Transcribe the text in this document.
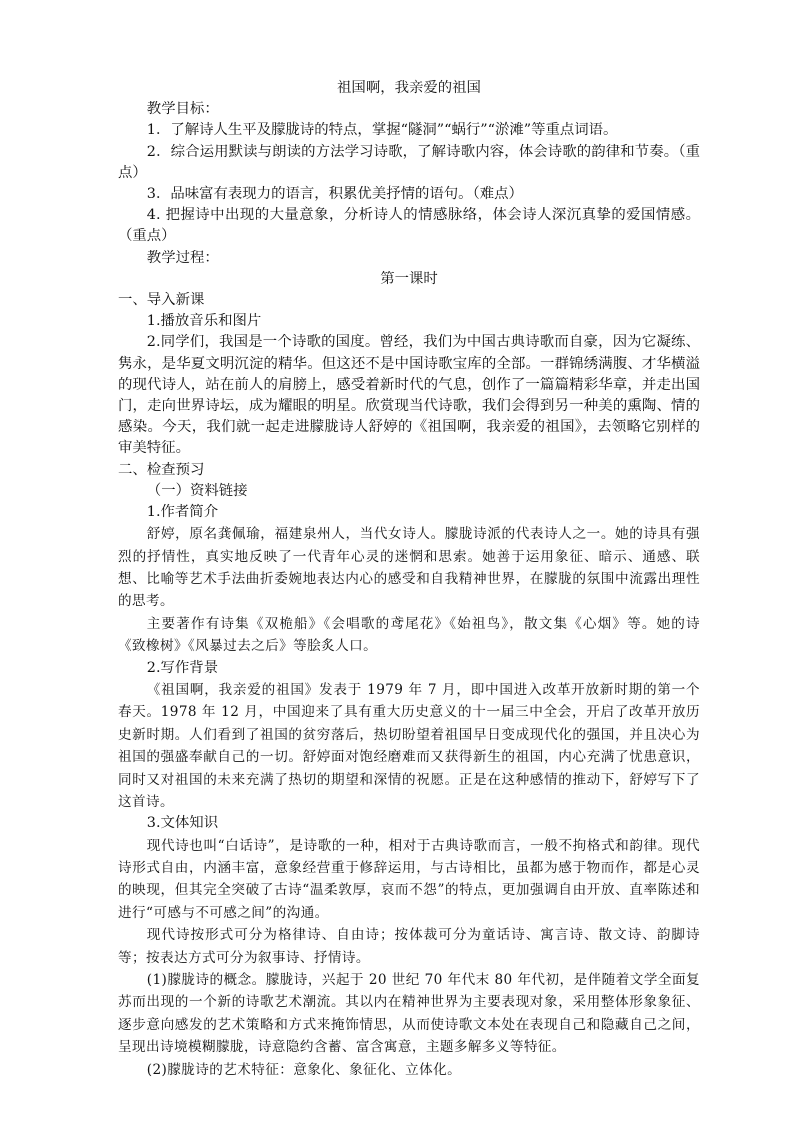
祖国啊，我亲爱的祖国

教学目标：

1．了解诗人生平及朦胧诗的特点，掌握“隧洞”“蜗行”“淤滩”等重点词语。

2．综合运用默读与朗读的方法学习诗歌，了解诗歌内容，体会诗歌的韵律和节奏。（重点）

3．品味富有表现力的语言，积累优美抒情的语句。（难点）

4. 把握诗中出现的大量意象，分析诗人的情感脉络，体会诗人深沉真挚的爱国情感。（重点）

教学过程：

第一课时

一、导入新课

1.播放音乐和图片

2.同学们，我国是一个诗歌的国度。曾经，我们为中国古典诗歌而自豪，因为它凝练、隽永，是华夏文明沉淀的精华。但这还不是中国诗歌宝库的全部。一群锦绣满腹、才华横溢的现代诗人，站在前人的肩膀上，感受着新时代的气息，创作了一篇篇精彩华章，并走出国门，走向世界诗坛，成为耀眼的明星。欣赏现当代诗歌，我们会得到另一种美的熏陶、情的感染。今天，我们就一起走进朦胧诗人舒婷的《祖国啊，我亲爱的祖国》，去领略它别样的审美特征。

二、检查预习

（一）资料链接

1.作者简介

舒婷，原名龚佩瑜，福建泉州人，当代女诗人。朦胧诗派的代表诗人之一。她的诗具有强烈的抒情性，真实地反映了一代青年心灵的迷惘和思索。她善于运用象征、暗示、通感、联想、比喻等艺术手法曲折委婉地表达内心的感受和自我精神世界，在朦胧的氛围中流露出理性的思考。

主要著作有诗集《双桅船》《会唱歌的鸢尾花》《始祖鸟》，散文集《心烟》等。她的诗《致橡树》《风暴过去之后》等脍炙人口。

2.写作背景

《祖国啊，我亲爱的祖国》发表于 1979 年 7 月，即中国进入改革开放新时期的第一个春天。1978 年 12 月，中国迎来了具有重大历史意义的十一届三中全会，开启了改革开放历史新时期。人们看到了祖国的贫穷落后，热切盼望着祖国早日变成现代化的强国，并且决心为祖国的强盛奉献自己的一切。舒婷面对饱经磨难而又获得新生的祖国，内心充满了忧患意识，同时又对祖国的未来充满了热切的期望和深情的祝愿。正是在这种感情的推动下，舒婷写下了这首诗。

3.文体知识

现代诗也叫“白话诗”，是诗歌的一种，相对于古典诗歌而言，一般不拘格式和韵律。现代诗形式自由，内涵丰富，意象经营重于修辞运用，与古诗相比，虽都为感于物而作，都是心灵的映现，但其完全突破了古诗“温柔敦厚，哀而不怨”的特点，更加强调自由开放、直率陈述和进行“可感与不可感之间”的沟通。

现代诗按形式可分为格律诗、自由诗；按体裁可分为童话诗、寓言诗、散文诗、韵脚诗等；按表达方式可分为叙事诗、抒情诗。

(1)朦胧诗的概念。朦胧诗，兴起于 20 世纪 70 年代末 80 年代初，是伴随着文学全面复苏而出现的一个新的诗歌艺术潮流。其以内在精神世界为主要表现对象，采用整体形象象征、逐步意向感发的艺术策略和方式来掩饰情思，从而使诗歌文本处在表现自己和隐藏自己之间，呈现出诗境模糊朦胧，诗意隐约含蓄、富含寓意，主题多解多义等特征。

(2)朦胧诗的艺术特征：意象化、象征化、立体化。
